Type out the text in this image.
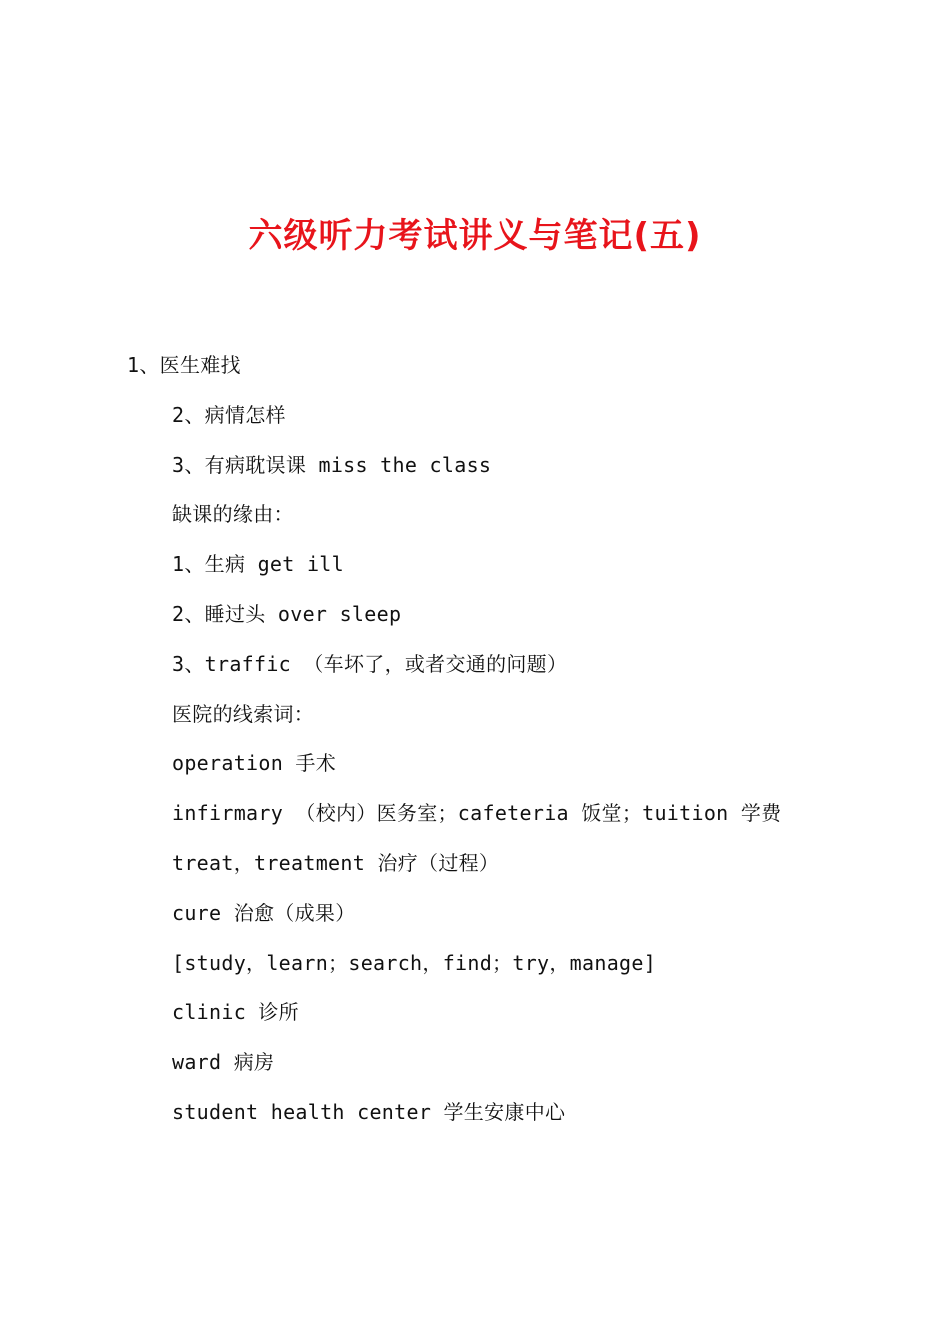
六级听力考试讲义与笔记(五)
1、医生难找
2、病情怎样
3、有病耽误课 miss the class
缺课的缘由：
1、生病 get ill
2、睡过头 over sleep
3、traffic （车坏了，或者交通的问题）
医院的线索词：
operation 手术
infirmary （校内）医务室；cafeteria 饭堂；tuition 学费
treat，treatment 治疗（过程）
cure 治愈（成果）
[study，learn；search，find；try，manage]
clinic 诊所
ward 病房
student health center 学生安康中心
